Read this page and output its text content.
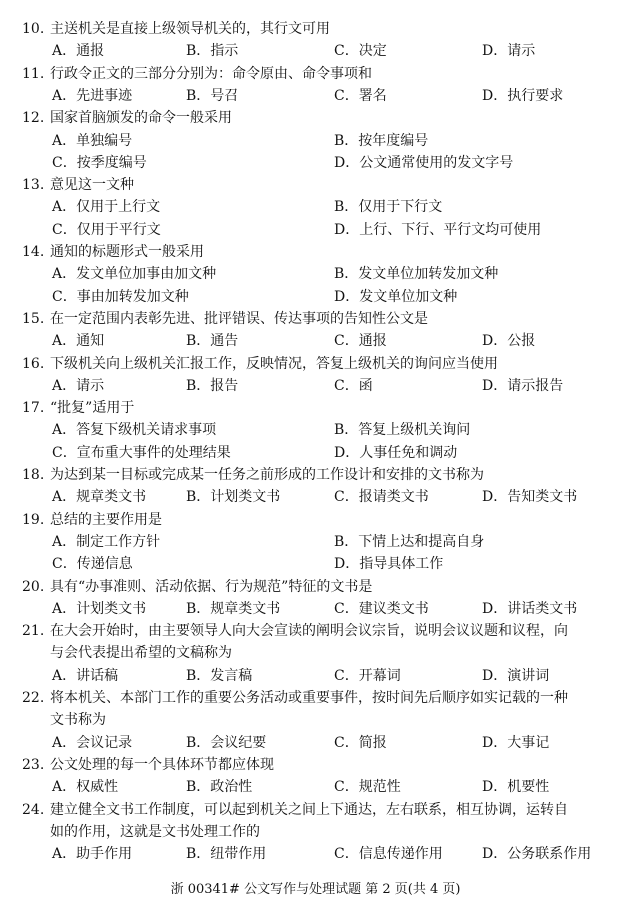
10. 主送机关是直接上级领导机关的，其行文可用
A．通报	B．指示	C．决定	D．请示
11. 行政令正文的三部分分别为：命令原由、命令事项和
A．先进事迹	B．号召	C．署名	D．执行要求
12. 国家首脑颁发的命令一般采用
A．单独编号	B．按年度编号
C．按季度编号	D．公文通常使用的发文字号
13. 意见这一文种
A．仅用于上行文	B．仅用于下行文
C．仅用于平行文	D．上行、下行、平行文均可使用
14. 通知的标题形式一般采用
A．发文单位加事由加文种	B．发文单位加转发加文种
C．事由加转发加文种	D．发文单位加文种
15. 在一定范围内表彰先进、批评错误、传达事项的告知性公文是
A．通知	B．通告	C．通报	D．公报
16. 下级机关向上级机关汇报工作，反映情况，答复上级机关的询问应当使用
A．请示	B．报告	C．函	D．请示报告
17. “批复”适用于
A．答复下级机关请求事项	B．答复上级机关询问
C．宣布重大事件的处理结果	D．人事任免和调动
18. 为达到某一目标或完成某一任务之前形成的工作设计和安排的文书称为
A．规章类文书	B．计划类文书	C．报请类文书	D．告知类文书
19. 总结的主要作用是
A．制定工作方针	B．下情上达和提高自身
C．传递信息	D．指导具体工作
20. 具有“办事准则、活动依据、行为规范”特征的文书是
A．计划类文书	B．规章类文书	C．建议类文书	D．讲话类文书
21. 在大会开始时，由主要领导人向大会宣读的阐明会议宗旨，说明会议议题和议程，向
与会代表提出希望的文稿称为
A．讲话稿	B．发言稿	C．开幕词	D．演讲词
22. 将本机关、本部门工作的重要公务活动或重要事件，按时间先后顺序如实记载的一种
文书称为
A．会议记录	B．会议纪要	C．简报	D．大事记
23. 公文处理的每一个具体环节都应体现
A．权威性	B．政治性	C．规范性	D．机要性
24. 建立健全文书工作制度，可以起到机关之间上下通达，左右联系，相互协调，运转自
如的作用，这就是文书处理工作的
A．助手作用	B．纽带作用	C．信息传递作用	D．公务联系作用
浙 00341# 公文写作与处理试题 第 2 页(共 4 页)
